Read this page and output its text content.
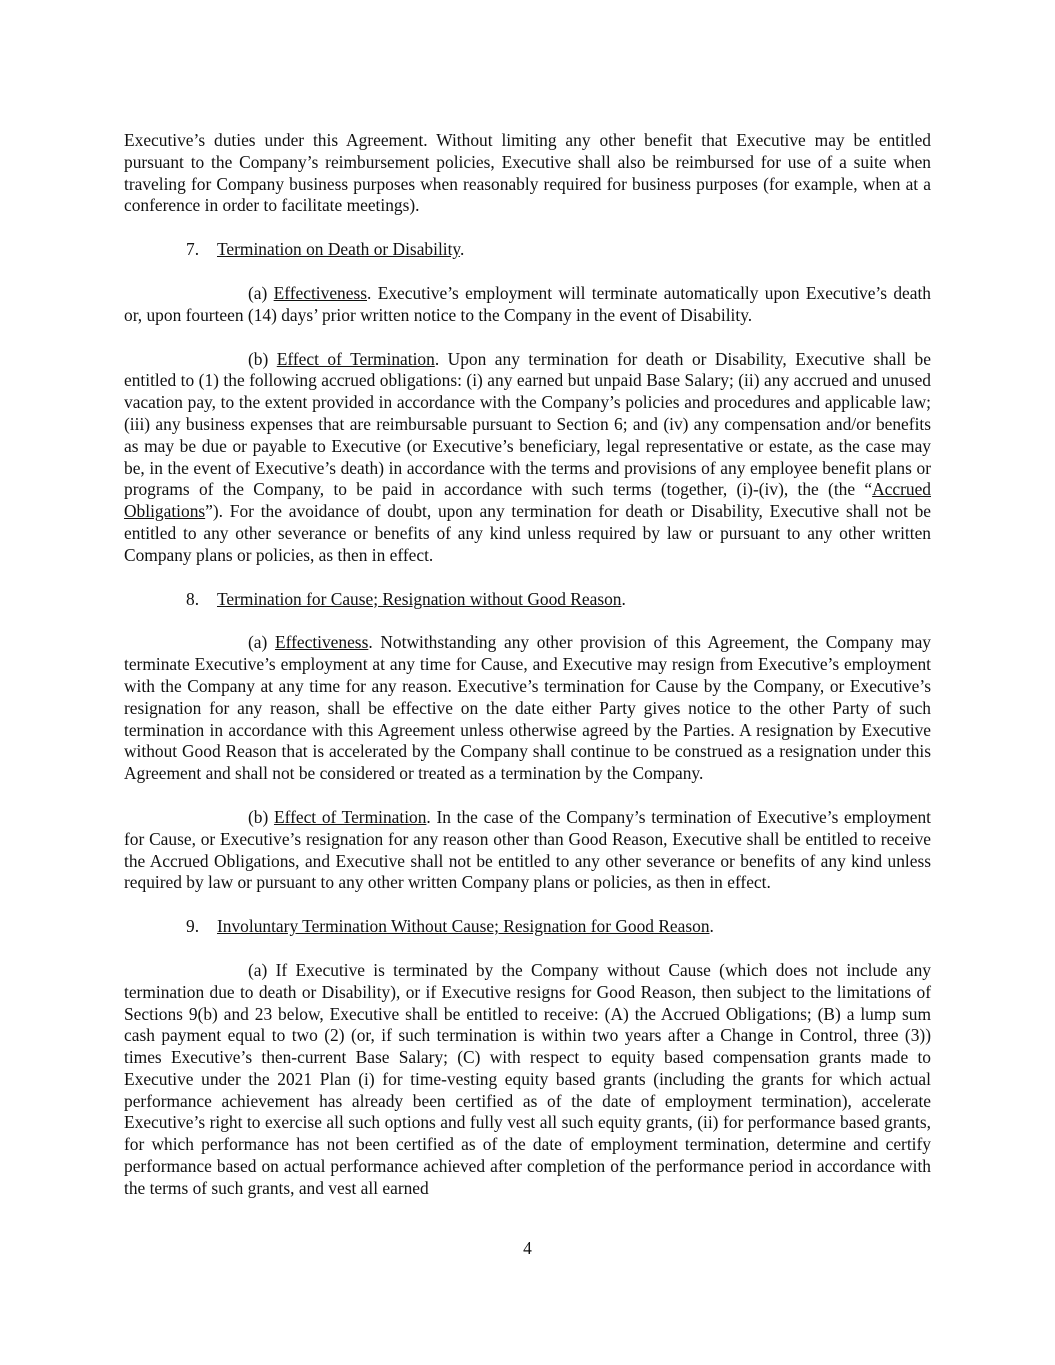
Executive’s duties under this Agreement. Without limiting any other benefit that Executive may be entitled pursuant to the Company’s reimbursement policies, Executive shall also be reimbursed for use of a suite when traveling for Company business purposes when reasonably required for business purposes (for example, when at a conference in order to facilitate meetings).

7. Termination on Death or Disability.

(a) Effectiveness. Executive’s employment will terminate automatically upon Executive’s death or, upon fourteen (14) days’ prior written notice to the Company in the event of Disability.

(b) Effect of Termination. Upon any termination for death or Disability, Executive shall be entitled to (1) the following accrued obligations: (i) any earned but unpaid Base Salary; (ii) any accrued and unused vacation pay, to the extent provided in accordance with the Company’s policies and procedures and applicable law; (iii) any business expenses that are reimbursable pursuant to Section 6; and (iv) any compensation and/or benefits as may be due or payable to Executive (or Executive’s beneficiary, legal representative or estate, as the case may be, in the event of Executive’s death) in accordance with the terms and provisions of any employee benefit plans or programs of the Company, to be paid in accordance with such terms (together, (i)-(iv), the (the “Accrued Obligations”). For the avoidance of doubt, upon any termination for death or Disability, Executive shall not be entitled to any other severance or benefits of any kind unless required by law or pursuant to any other written Company plans or policies, as then in effect.

8. Termination for Cause; Resignation without Good Reason.

(a) Effectiveness. Notwithstanding any other provision of this Agreement, the Company may terminate Executive’s employment at any time for Cause, and Executive may resign from Executive’s employment with the Company at any time for any reason. Executive’s termination for Cause by the Company, or Executive’s resignation for any reason, shall be effective on the date either Party gives notice to the other Party of such termination in accordance with this Agreement unless otherwise agreed by the Parties. A resignation by Executive without Good Reason that is accelerated by the Company shall continue to be construed as a resignation under this Agreement and shall not be considered or treated as a termination by the Company.

(b) Effect of Termination. In the case of the Company’s termination of Executive’s employment for Cause, or Executive’s resignation for any reason other than Good Reason, Executive shall be entitled to receive the Accrued Obligations, and Executive shall not be entitled to any other severance or benefits of any kind unless required by law or pursuant to any other written Company plans or policies, as then in effect.

9. Involuntary Termination Without Cause; Resignation for Good Reason.

(a) If Executive is terminated by the Company without Cause (which does not include any termination due to death or Disability), or if Executive resigns for Good Reason, then subject to the limitations of Sections 9(b) and 23 below, Executive shall be entitled to receive: (A) the Accrued Obligations; (B) a lump sum cash payment equal to two (2) (or, if such termination is within two years after a Change in Control, three (3)) times Executive’s then-current Base Salary; (C) with respect to equity based compensation grants made to Executive under the 2021 Plan (i) for time-vesting equity based grants (including the grants for which actual performance achievement has already been certified as of the date of employment termination), accelerate Executive’s right to exercise all such options and fully vest all such equity grants, (ii) for performance based grants, for which performance has not been certified as of the date of employment termination, determine and certify performance based on actual performance achieved after completion of the performance period in accordance with the terms of such grants, and vest all earned

4
